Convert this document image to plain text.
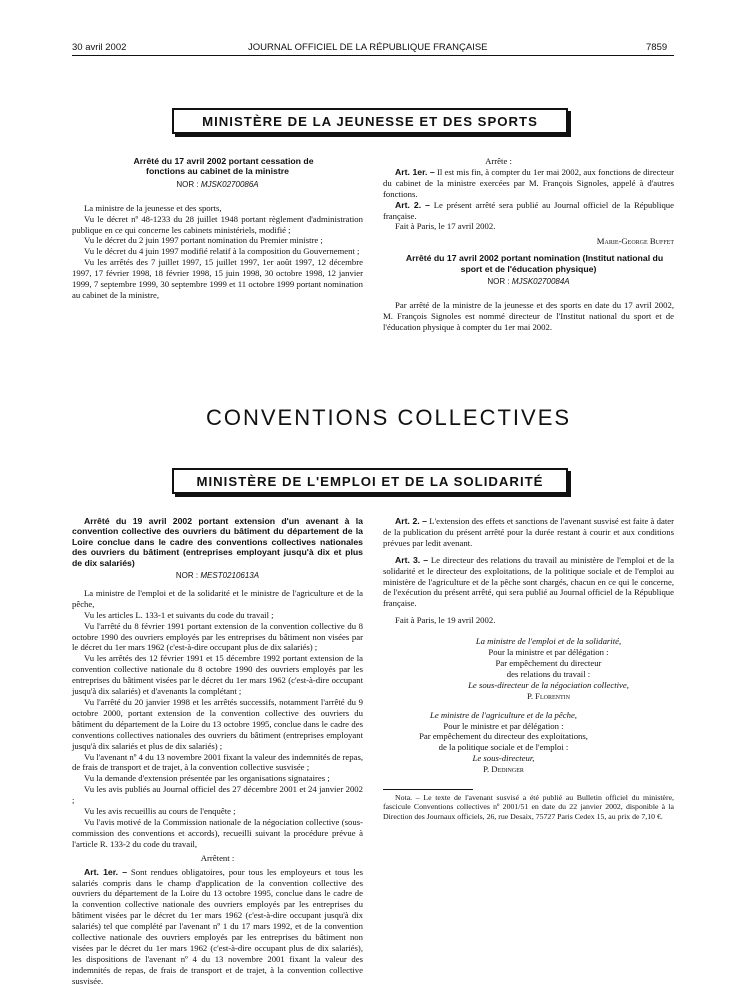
30 avril 2002	JOURNAL OFFICIEL DE LA RÉPUBLIQUE FRANÇAISE	7859
MINISTÈRE DE LA JEUNESSE ET DES SPORTS

Arrêté du 17 avril 2002 portant cessation de fonctions au cabinet de la ministre

NOR : MJSK0270086A

La ministre de la jeunesse et des sports,

Vu le décret nº 48-1233 du 28 juillet 1948 portant règlement d'administration publique en ce qui concerne les cabinets ministériels, modifié ;

Vu le décret du 2 juin 1997 portant nomination du Premier ministre ;

Vu le décret du 4 juin 1997 modifié relatif à la composition du Gouvernement ;

Vu les arrêtés des 7 juillet 1997, 15 juillet 1997, 1er août 1997, 12 décembre 1997, 17 février 1998, 18 février 1998, 15 juin 1998, 30 octobre 1998, 12 janvier 1999, 7 septembre 1999, 30 septembre 1999 et 11 octobre 1999 portant nomination au cabinet de la ministre,

Arrête :

Art. 1er. – Il est mis fin, à compter du 1er mai 2002, aux fonctions de directeur du cabinet de la ministre exercées par M. François Signoles, appelé à d'autres fonctions.

Art. 2. – Le présent arrêté sera publié au Journal officiel de la République française.

Fait à Paris, le 17 avril 2002.

Marie-George Buffet

Arrêté du 17 avril 2002 portant nomination (Institut national du sport et de l'éducation physique)

NOR : MJSK0270084A

Par arrêté de la ministre de la jeunesse et des sports en date du 17 avril 2002, M. François Signoles est nommé directeur de l'Institut national du sport et de l'éducation physique à compter du 1er mai 2002.

CONVENTIONS COLLECTIVES
MINISTÈRE DE L'EMPLOI ET DE LA SOLIDARITÉ

Arrêté du 19 avril 2002 portant extension d'un avenant à la convention collective des ouvriers du bâtiment du département de la Loire conclue dans le cadre des conventions collectives nationales des ouvriers du bâtiment (entreprises employant jusqu'à dix et plus de dix salariés)

NOR : MEST0210613A

La ministre de l'emploi et de la solidarité et le ministre de l'agriculture et de la pêche,

Vu les articles L. 133-1 et suivants du code du travail ;

Vu l'arrêté du 8 février 1991 portant extension de la convention collective du 8 octobre 1990 des ouvriers employés par les entreprises du bâtiment non visées par le décret du 1er mars 1962 (c'est-à-dire occupant plus de dix salariés) ;

Vu les arrêtés des 12 février 1991 et 15 décembre 1992 portant extension de la convention collective nationale du 8 octobre 1990 des ouvriers employés par les entreprises du bâtiment visées par le décret du 1er mars 1962 (c'est-à-dire occupant jusqu'à dix salariés) et d'avenants la complétant ;

Vu l'arrêté du 20 janvier 1998 et les arrêtés successifs, notamment l'arrêté du 9 octobre 2000, portant extension de la convention collective des ouvriers du bâtiment du département de la Loire du 13 octobre 1995, conclue dans le cadre des conventions collectives nationales des ouvriers du bâtiment (entreprises employant jusqu'à dix salariés et plus de dix salariés) ;

Vu l'avenant nº 4 du 13 novembre 2001 fixant la valeur des indemnités de repas, de frais de transport et de trajet, à la convention collective susvisée ;

Vu la demande d'extension présentée par les organisations signataires ;

Vu les avis publiés au Journal officiel des 27 décembre 2001 et 24 janvier 2002 ;

Vu les avis recueillis au cours de l'enquête ;

Vu l'avis motivé de la Commission nationale de la négociation collective (sous-commission des conventions et accords), recueilli suivant la procédure prévue à l'article R. 133-2 du code du travail,

Arrêtent :

Art. 1er. – Sont rendues obligatoires, pour tous les employeurs et tous les salariés compris dans le champ d'application de la convention collective des ouvriers du département de la Loire du 13 octobre 1995, conclue dans le cadre de la convention collective nationale des ouvriers employés par les entreprises du bâtiment visées par le décret du 1er mars 1962 (c'est-à-dire occupant jusqu'à dix salariés) tel que complété par l'avenant nº 1 du 17 mars 1992, et de la convention collective nationale des ouvriers employés par les entreprises du bâtiment non visées par le décret du 1er mars 1962 (c'est-à-dire occupant plus de dix salariés), les dispositions de l'avenant nº 4 du 13 novembre 2001 fixant la valeur des indemnités de repas, de frais de transport et de trajet, à la convention collective susvisée.

Art. 2. – L'extension des effets et sanctions de l'avenant susvisé est faite à dater de la publication du présent arrêté pour la durée restant à courir et aux conditions prévues par ledit avenant.

Art. 3. – Le directeur des relations du travail au ministère de l'emploi et de la solidarité et le directeur des exploitations, de la politique sociale et de l'emploi au ministère de l'agriculture et de la pêche sont chargés, chacun en ce qui le concerne, de l'exécution du présent arrêté, qui sera publié au Journal officiel de la République française.

Fait à Paris, le 19 avril 2002.

La ministre de l'emploi et de la solidarité,
Pour la ministre et par délégation :
Par empêchement du directeur
des relations du travail :
Le sous-directeur de la négociation collective,
P. Florentin
Le ministre de l'agriculture et de la pêche,
Pour le ministre et par délégation :
Par empêchement du directeur des exploitations,
de la politique sociale et de l'emploi :
Le sous-directeur,
P. Dedinger

Nota. – Le texte de l'avenant susvisé a été publié au Bulletin officiel du ministère, fascicule Conventions collectives nº 2001/51 en date du 22 janvier 2002, disponible à la Direction des Journaux officiels, 26, rue Desaix, 75727 Paris Cedex 15, au prix de 7,10 €.
